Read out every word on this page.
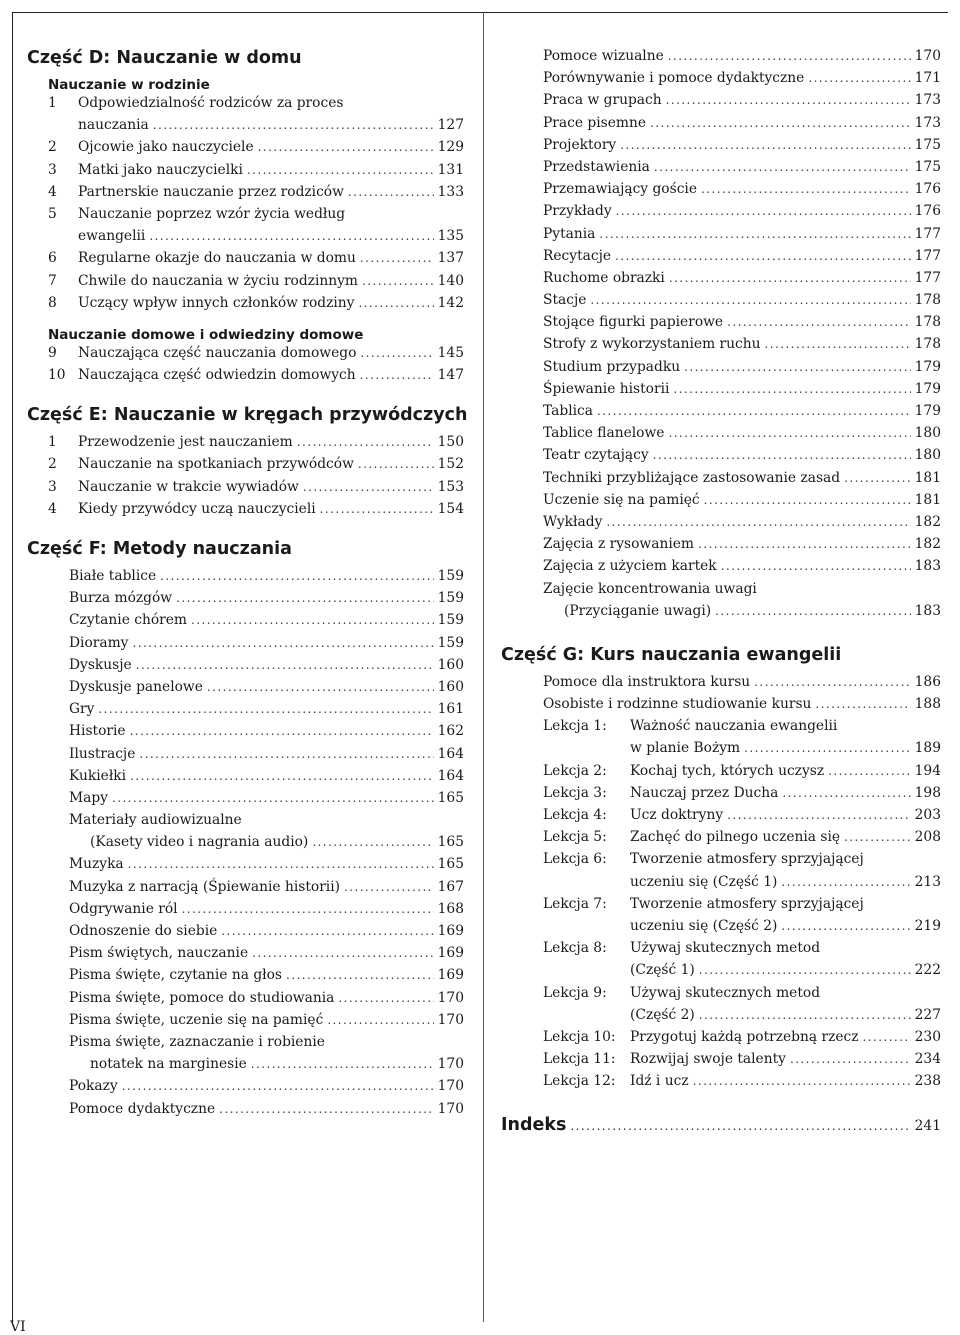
Część D: Nauczanie w domu
Nauczanie w rodzinie
1	Odpowiedzialność rodziców za proces
nauczania . . .	127
2	Ojcowie jako nauczyciele . . .	129
3	Matki jako nauczycielki . . .	131
4	Partnerskie nauczanie przez rodziców . . .	133
5	Nauczanie poprzez wzór życia według
ewangelii . . .	135
6	Regularne okazje do nauczania w domu . . .	137
7	Chwile do nauczania w życiu rodzinnym . . .	140
8	Uczący wpływ innych członków rodziny . . .	142
Nauczanie domowe i odwiedziny domowe
9	Nauczająca część nauczania domowego . . .	145
10 Nauczająca część odwiedzin domowych . . .	147
Część E: Nauczanie w kręgach przywódczych
1	Przewodzenie jest nauczaniem . . .	150
2	Nauczanie na spotkaniach przywódców . . .	152
3	Nauczanie w trakcie wywiadów . . .	153
4	Kiedy przywódcy uczą nauczycieli . . .	154
Część F: Metody nauczania
Białe tablice . . .	159
Burza mózgów . . .	159
Czytanie chórem . . .	159
Dioramy . . .	159
Dyskusje . . .	160
Dyskusje panelowe . . .	160
Gry . . .	161
Historie . . .	162
Ilustracje . . .	164
Kukiełki . . .	164
Mapy . . .	165
Materiały audiowizualne
(Kasety video i nagrania audio) . . .	165
Muzyka . . .	165
Muzyka z narracją (Śpiewanie historii) . . .	167
Odgrywanie ról . . .	168
Odnoszenie do siebie . . .	169
Pism świętych, nauczanie . . .	169
Pisma święte, czytanie na głos . . .	169
Pisma święte, pomoce do studiowania . . .	170
Pisma święte, uczenie się na pamięć . . .	170
Pisma święte, zaznaczanie i robienie
notatek na marginesie . . .	170
Pokazy . . .	170
Pomoce dydaktyczne . . .	170
Pomoce wizualne . . .	170
Porównywanie i pomoce dydaktyczne . . .	171
Praca w grupach . . .	173
Prace pisemne . . .	173
Projektory . . .	175
Przedstawienia . . .	175
Przemawiający goście . . .	176
Przykłady . . .	176
Pytania . . .	177
Recytacje . . .	177
Ruchome obrazki . . .	177
Stacje . . .	178
Stojące figurki papierowe . . .	178
Strofy z wykorzystaniem ruchu . . .	178
Studium przypadku . . .	179
Śpiewanie historii . . .	179
Tablica . . .	179
Tablice flanelowe . . .	180
Teatr czytający . . .	180
Techniki przybliżające zastosowanie zasad . . .	181
Uczenie się na pamięć . . .	181
Wykłady . . .	182
Zajęcia z rysowaniem . . .	182
Zajęcia z użyciem kartek . . .	183
Zajęcie koncentrowania uwagi
(Przyciąganie uwagi) . . .	183
Część G: Kurs nauczania ewangelii
Pomoce dla instruktora kursu . . .	186
Osobiste i rodzinne studiowanie kursu . . .	188
Lekcja 1:	Ważność nauczania ewangelii
w planie Bożym . . .	189
Lekcja 2:	Kochaj tych, których uczysz . . .	194
Lekcja 3:	Nauczaj przez Ducha . . .	198
Lekcja 4:	Ucz doktryny . . .	203
Lekcja 5:	Zachęć do pilnego uczenia się . . .	208
Lekcja 6:	Tworzenie atmosfery sprzyjającej
uczeniu się (Część 1) . . .	213
Lekcja 7:	Tworzenie atmosfery sprzyjającej
uczeniu się (Część 2) . . .	219
Lekcja 8:	Używaj skutecznych metod
(Część 1) . . .	222
Lekcja 9:	Używaj skutecznych metod
(Część 2) . . .	227
Lekcja 10:	Przygotuj każdą potrzebną rzecz . . .	230
Lekcja 11:	Rozwijaj swoje talenty . . .	234
Lekcja 12:	Idź i ucz . . .	238
Indeks . . .	241
VI
